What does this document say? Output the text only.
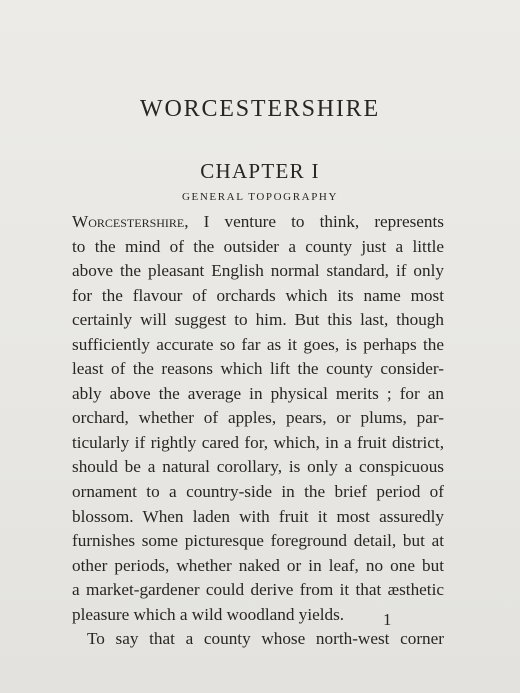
WORCESTERSHIRE
CHAPTER I
GENERAL TOPOGRAPHY
Worcestershire, I venture to think, represents
to the mind of the outsider a county just a little
above the pleasant English normal standard, if only
for the flavour of orchards which its name most
certainly will suggest to him. But this last, though
sufficiently accurate so far as it goes, is perhaps the
least of the reasons which lift the county consider-
ably above the average in physical merits ; for an
orchard, whether of apples, pears, or plums, par-
ticularly if rightly cared for, which, in a fruit district,
should be a natural corollary, is only a conspicuous
ornament to a country-side in the brief period of
blossom. When laden with fruit it most assuredly
furnishes some picturesque foreground detail, but at
other periods, whether naked or in leaf, no one but
a market-gardener could derive from it that æsthetic
pleasure which a wild woodland yields.
To say that a county whose north-west corner
1
